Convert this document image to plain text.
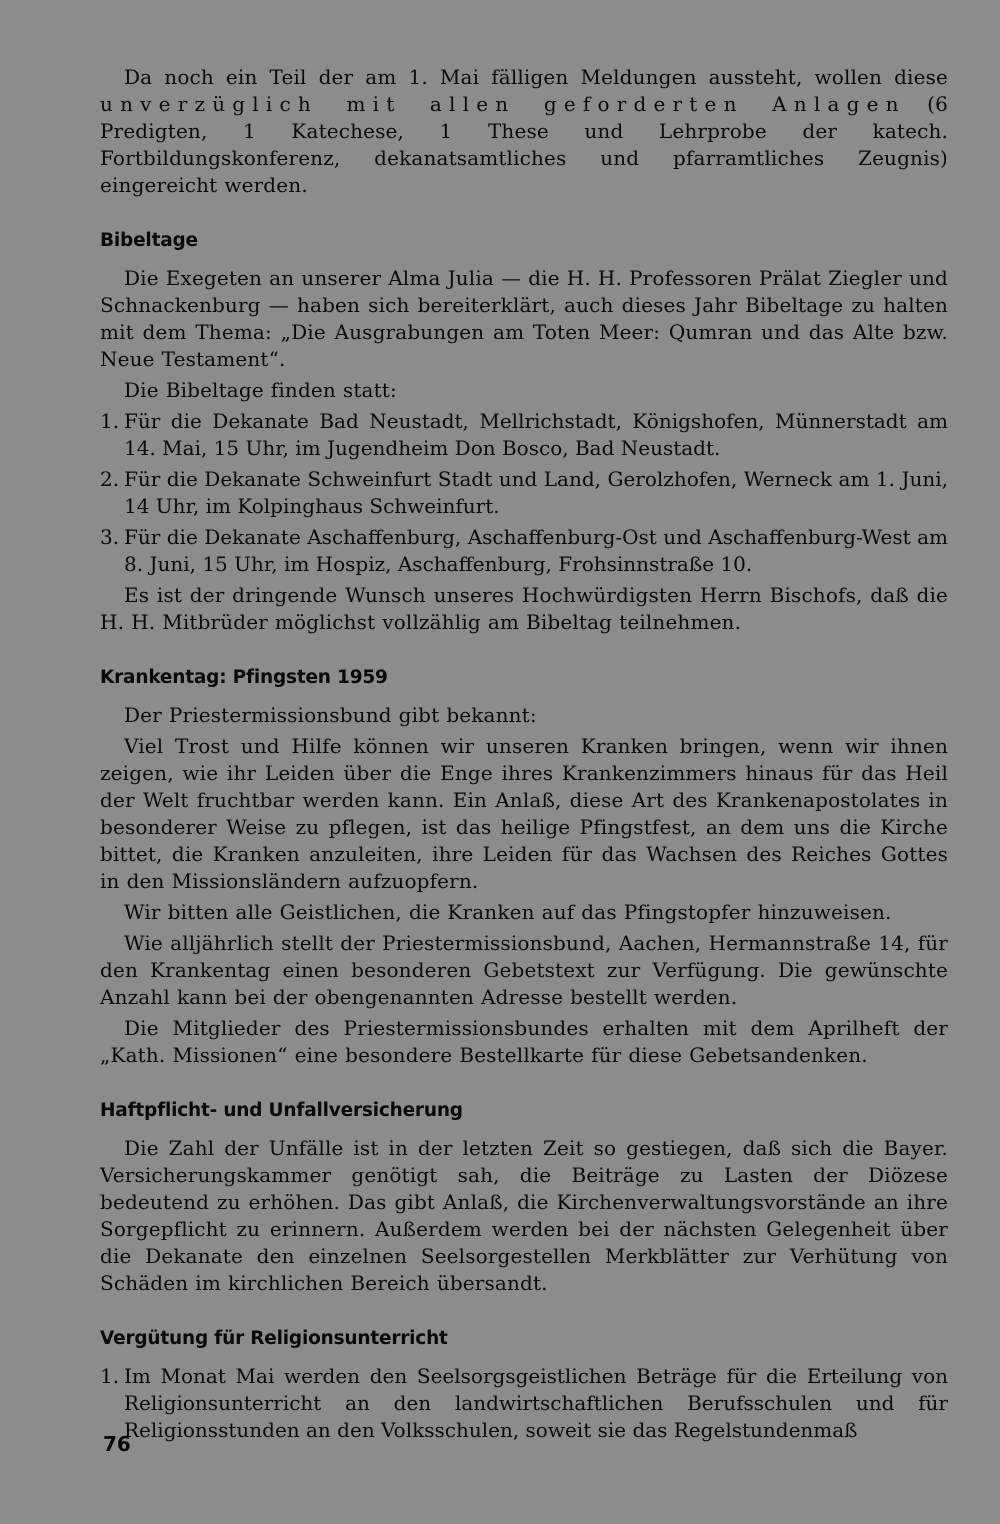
Da noch ein Teil der am 1. Mai fälligen Meldungen aussteht, wollen diese unverzüglich mit allen geforderten Anlagen (6 Predigten, 1 Katechese, 1 These und Lehrprobe der katech. Fortbildungskonferenz, dekanatsamtliches und pfarramtliches Zeugnis) eingereicht werden.

Bibeltage

Die Exegeten an unserer Alma Julia — die H. H. Professoren Prälat Ziegler und Schnackenburg — haben sich bereiterklärt, auch dieses Jahr Bibeltage zu halten mit dem Thema: „Die Ausgrabungen am Toten Meer: Qumran und das Alte bzw. Neue Testament“.

Die Bibeltage finden statt:

1. Für die Dekanate Bad Neustadt, Mellrichstadt, Königshofen, Münnerstadt am 14. Mai, 15 Uhr, im Jugendheim Don Bosco, Bad Neustadt.
2. Für die Dekanate Schweinfurt Stadt und Land, Gerolzhofen, Werneck am 1. Juni, 14 Uhr, im Kolpinghaus Schweinfurt.
3. Für die Dekanate Aschaffenburg, Aschaffenburg-Ost und Aschaffenburg-West am 8. Juni, 15 Uhr, im Hospiz, Aschaffenburg, Frohsinnstraße 10.

Es ist der dringende Wunsch unseres Hochwürdigsten Herrn Bischofs, daß die H. H. Mitbrüder möglichst vollzählig am Bibeltag teilnehmen.

Krankentag: Pfingsten 1959

Der Priestermissionsbund gibt bekannt:

Viel Trost und Hilfe können wir unseren Kranken bringen, wenn wir ihnen zeigen, wie ihr Leiden über die Enge ihres Krankenzimmers hinaus für das Heil der Welt fruchtbar werden kann. Ein Anlaß, diese Art des Krankenapostolates in besonderer Weise zu pflegen, ist das heilige Pfingstfest, an dem uns die Kirche bittet, die Kranken anzuleiten, ihre Leiden für das Wachsen des Reiches Gottes in den Missionsländern aufzuopfern.

Wir bitten alle Geistlichen, die Kranken auf das Pfingstopfer hinzuweisen.

Wie alljährlich stellt der Priestermissionsbund, Aachen, Hermannstraße 14, für den Krankentag einen besonderen Gebetstext zur Verfügung. Die gewünschte Anzahl kann bei der obengenannten Adresse bestellt werden.

Die Mitglieder des Priestermissionsbundes erhalten mit dem Aprilheft der „Kath. Missionen“ eine besondere Bestellkarte für diese Gebetsandenken.

Haftpflicht- und Unfallversicherung

Die Zahl der Unfälle ist in der letzten Zeit so gestiegen, daß sich die Bayer. Versicherungskammer genötigt sah, die Beiträge zu Lasten der Diözese bedeutend zu erhöhen. Das gibt Anlaß, die Kirchenverwaltungsvorstände an ihre Sorgepflicht zu erinnern. Außerdem werden bei der nächsten Gelegenheit über die Dekanate den einzelnen Seelsorgestellen Merkblätter zur Verhütung von Schäden im kirchlichen Bereich übersandt.

Vergütung für Religionsunterricht
1. Im Monat Mai werden den Seelsorgsgeistlichen Beträge für die Erteilung von Religionsunterricht an den landwirtschaftlichen Berufsschulen und für Religionsstunden an den Volksschulen, soweit sie das Regelstundenmaß
76
